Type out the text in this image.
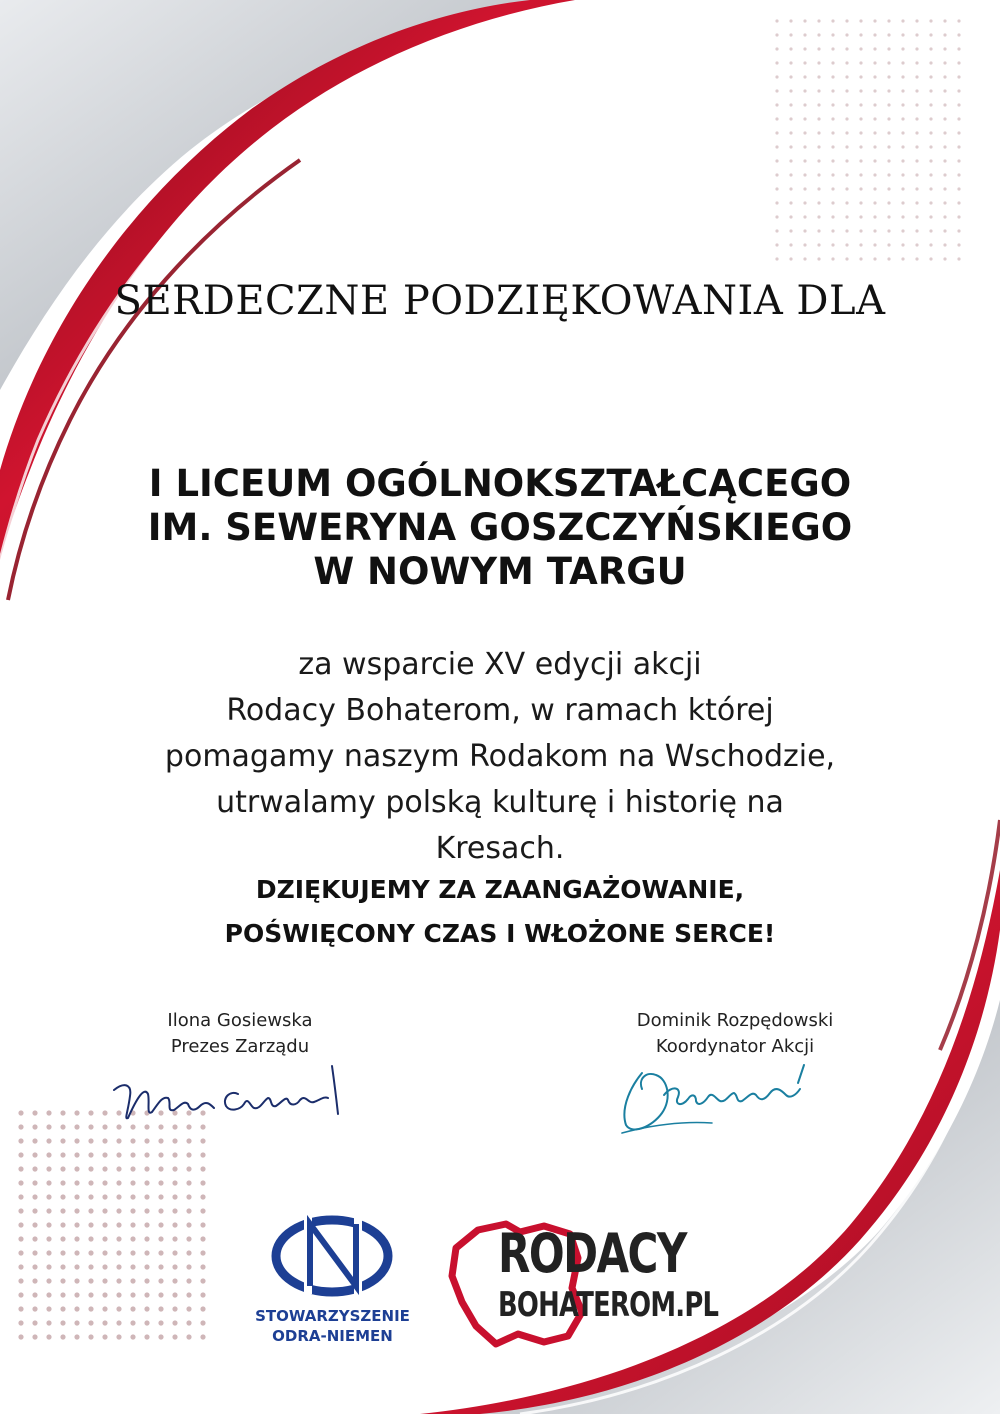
SERDECZNE PODZIĘKOWANIA DLA
I LICEUM OGÓLNOKSZTAŁCĄCEGO
IM. SEWERYNA GOSZCZYŃSKIEGO
W NOWYM TARGU
za wsparcie XV edycji akcji
Rodacy Bohaterom, w ramach której
pomagamy naszym Rodakom na Wschodzie,
utrwalamy polską kulturę i historię na
Kresach.
DZIĘKUJEMY ZA ZAANGAŻOWANIE,
POŚWIĘCONY CZAS I WŁOŻONE SERCE!
Ilona Gosiewska
Prezes Zarządu
Dominik Rozpędowski
Koordynator Akcji
STOWARZYSZENIE
ODRA-NIEMEN
RODACY
BOHATEROM.PL
